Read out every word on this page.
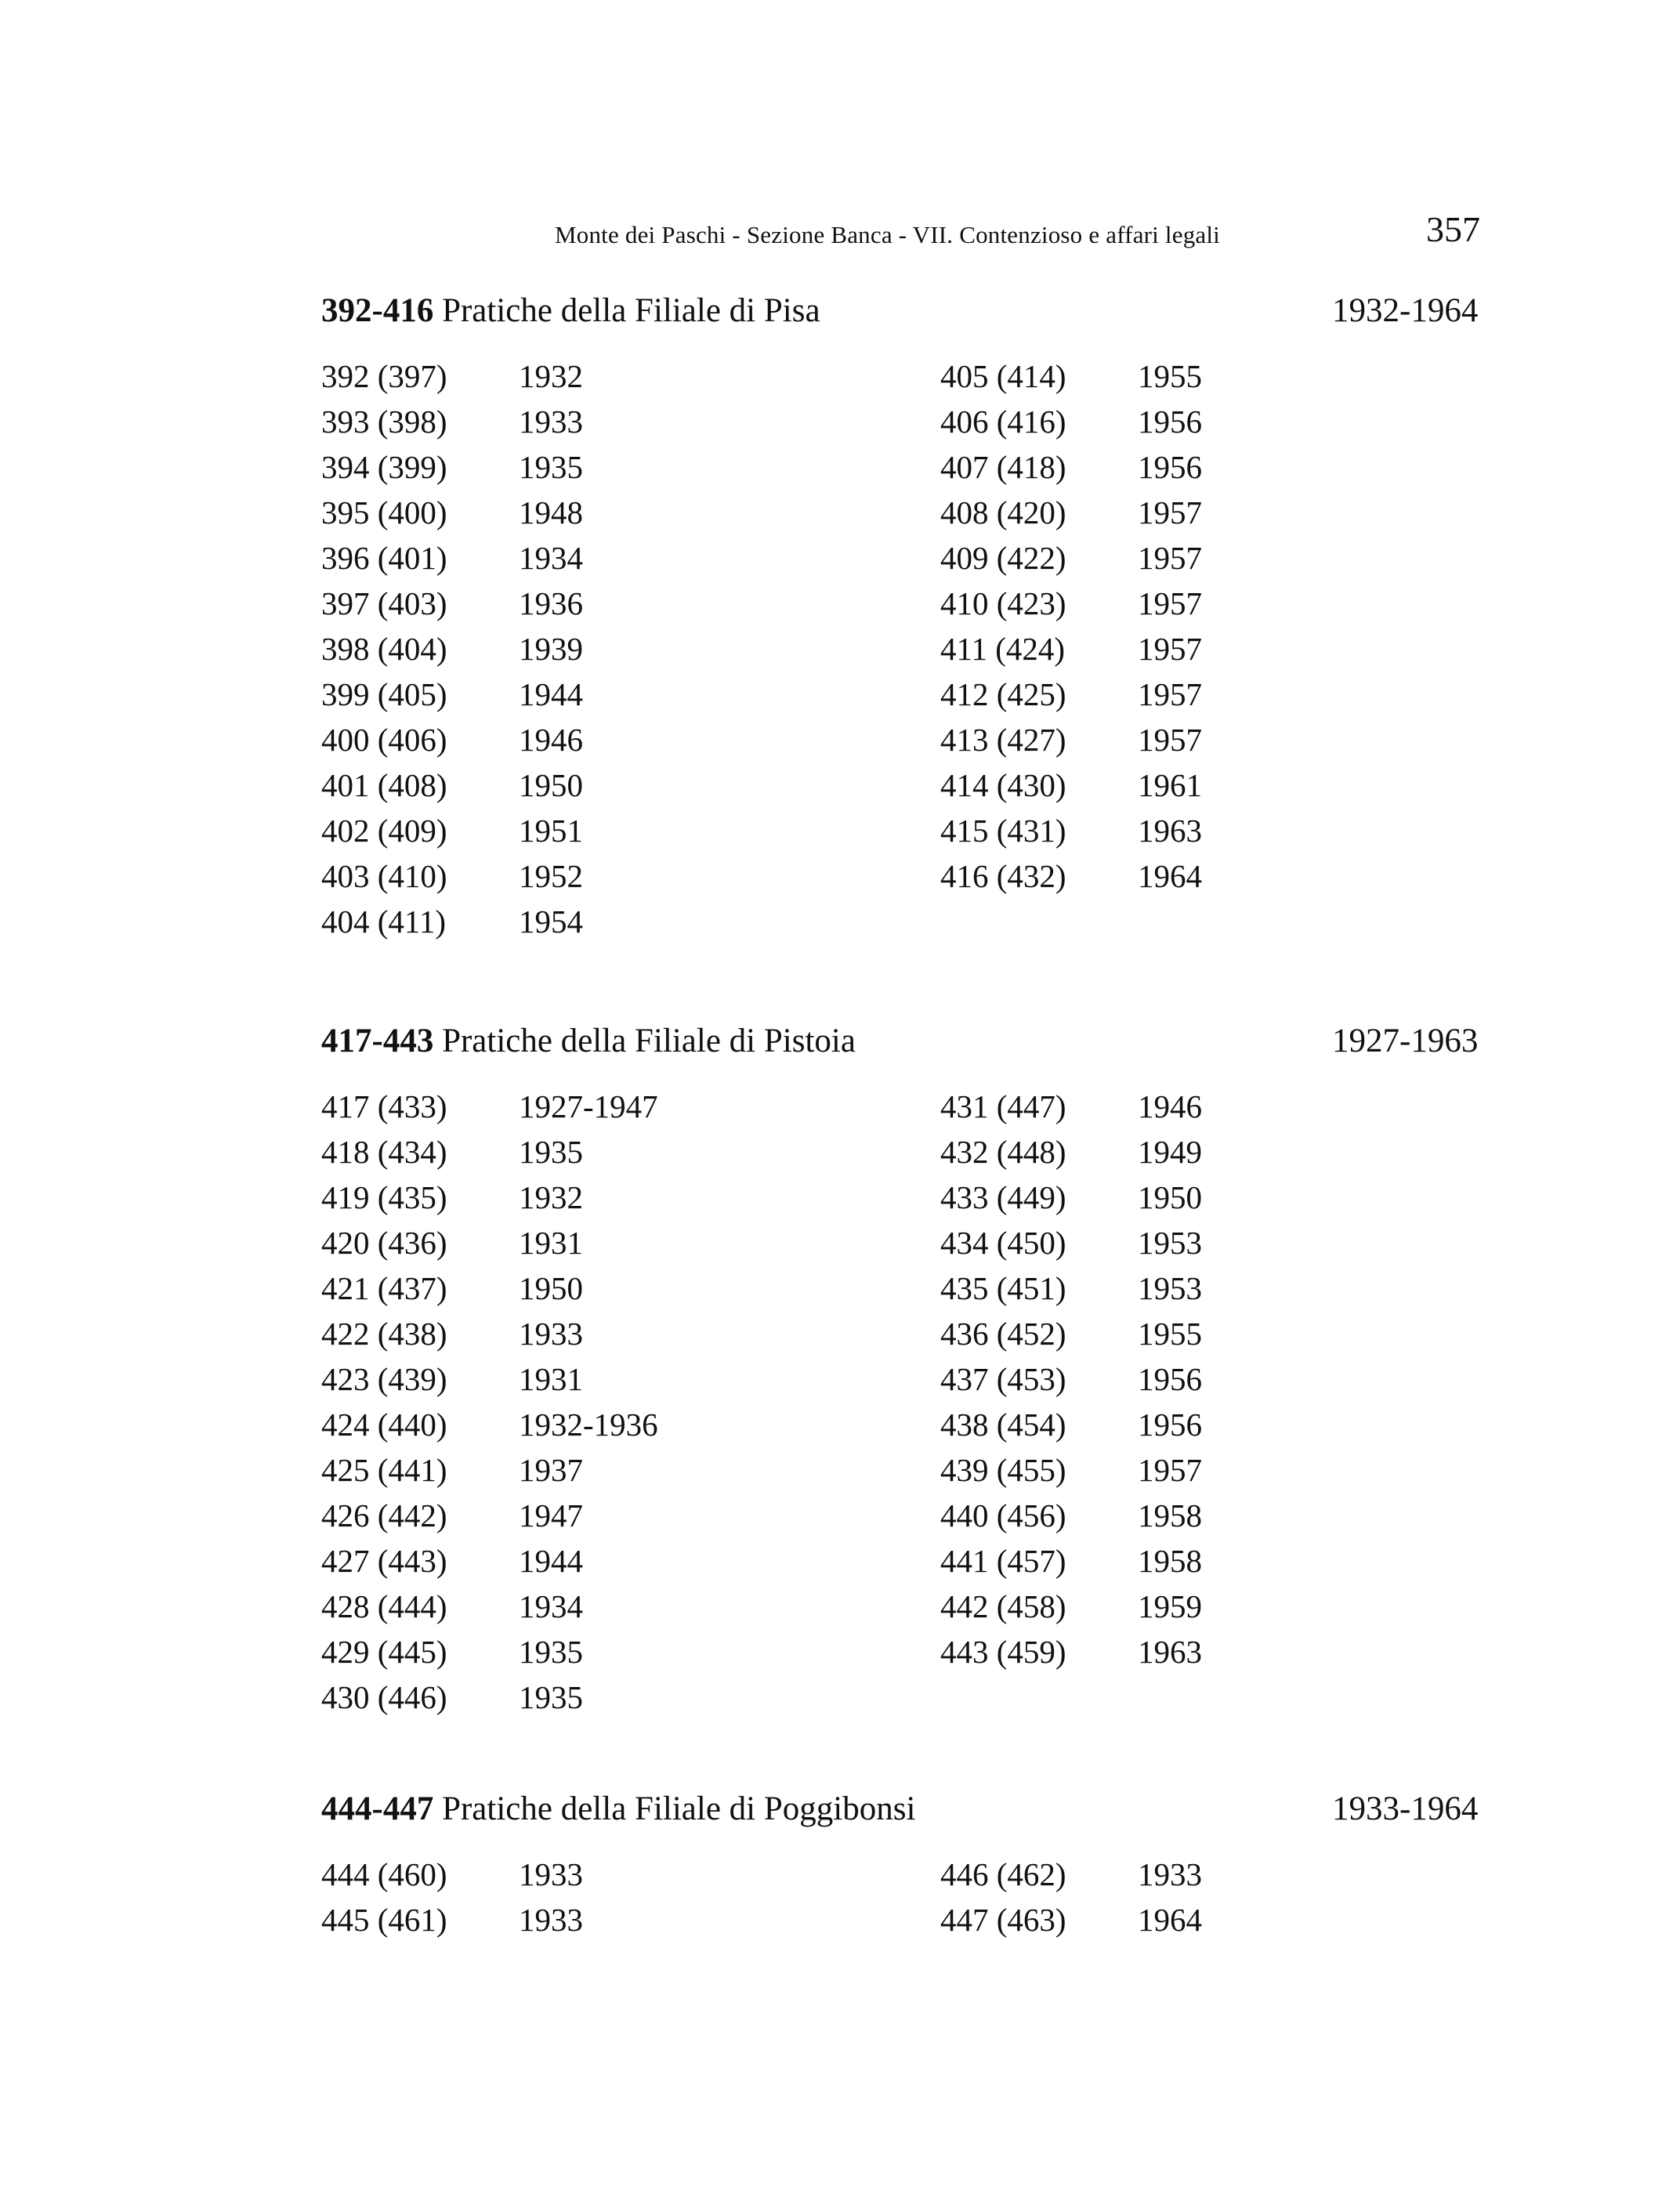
Monte dei Paschi - Sezione Banca - VII. Contenzioso e affari legali	357
392-416 Pratiche della Filiale di Pisa	1932-1964
392 (397) 1932
393 (398) 1933
394 (399) 1935
395 (400) 1948
396 (401) 1934
397 (403) 1936
398 (404) 1939
399 (405) 1944
400 (406) 1946
401 (408) 1950
402 (409) 1951
403 (410) 1952
404 (411) 1954
405 (414) 1955
406 (416) 1956
407 (418) 1956
408 (420) 1957
409 (422) 1957
410 (423) 1957
411 (424) 1957
412 (425) 1957
413 (427) 1957
414 (430) 1961
415 (431) 1963
416 (432) 1964
417-443 Pratiche della Filiale di Pistoia	1927-1963
417 (433) 1927-1947
418 (434) 1935
419 (435) 1932
420 (436) 1931
421 (437) 1950
422 (438) 1933
423 (439) 1931
424 (440) 1932-1936
425 (441) 1937
426 (442) 1947
427 (443) 1944
428 (444) 1934
429 (445) 1935
430 (446) 1935
431 (447) 1946
432 (448) 1949
433 (449) 1950
434 (450) 1953
435 (451) 1953
436 (452) 1955
437 (453) 1956
438 (454) 1956
439 (455) 1957
440 (456) 1958
441 (457) 1958
442 (458) 1959
443 (459) 1963
444-447 Pratiche della Filiale di Poggibonsi	1933-1964
444 (460) 1933
445 (461) 1933
446 (462) 1933
447 (463) 1964
